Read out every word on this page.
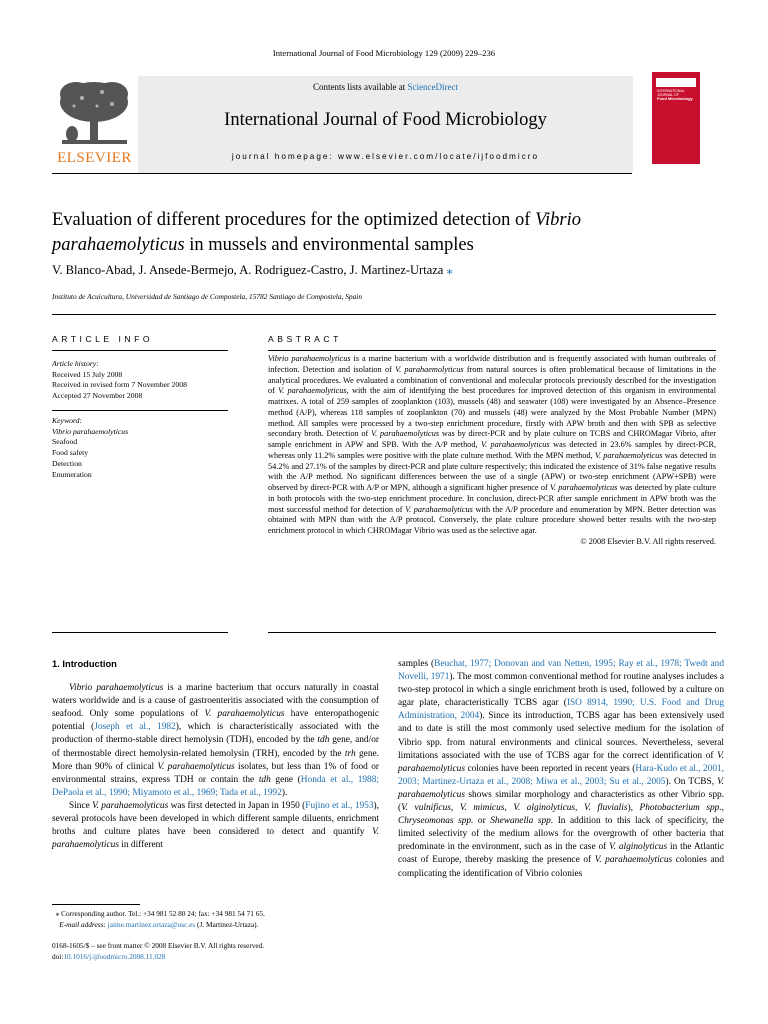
International Journal of Food Microbiology 129 (2009) 229–236
ELSEVIER
Contents lists available at ScienceDirect
International Journal of Food Microbiology
journal homepage: www.elsevier.com/locate/ijfoodmicro
INTERNATIONAL JOURNAL OF
Food Microbiology
Evaluation of different procedures for the optimized detection of Vibrio
parahaemolyticus in mussels and environmental samples
V. Blanco-Abad, J. Ansede-Bermejo, A. Rodriguez-Castro, J. Martinez-Urtaza ⁎
Instituto de Acuicultura, Universidad de Santiago de Compostela, 15782 Santiago de Compostela, Spain
ARTICLE INFO	ABSTRACT
Article history:
Received 15 July 2008
Received in revised form 7 November 2008
Accepted 27 November 2008
Keyword:
Vibrio parahaemolyticus
Seafood
Food safety
Detection
Enumeration
Vibrio parahaemolyticus is a marine bacterium with a worldwide distribution and is frequently associated with human outbreaks of infection. Detection and isolation of V. parahaemolyticus from natural sources is often problematical because of limitations in the analytical procedures. We evaluated a combination of conventional and molecular protocols previously described for the investigation of V. parahaemolyticus, with the aim of identifying the best procedures for improved detection of this organism in environmental matrixes. A total of 259 samples of zooplankton (103), mussels (48) and seawater (108) were investigated by an Absence–Presence method (A/P), whereas 118 samples of zooplankton (70) and mussels (48) were analyzed by the Most Probable Number (MPN) method. All samples were processed by a two-step enrichment procedure, firstly with APW broth and then with SPB as selective secondary broth. Detection of V. parahaemolyticus was by direct-PCR and by plate culture on TCBS and CHROMagar Vibrio, after sample enrichment in APW and SPB. With the A/P method, V. parahaemolyticus was detected in 23.6% samples by direct-PCR, whereas only 11.2% samples were positive with the plate culture method. With the MPN method, V. parahaemolyticus was detected in 54.2% and 27.1% of the samples by direct-PCR and plate culture respectively; this indicated the existence of 31% false negative results with the A/P method. No significant differences between the use of a single (APW) or two-step enrichment (APW+SPB) were observed by direct-PCR with A/P or MPN, although a significant higher presence of V. parahaemolyticus was detected by plate culture in both protocols with the two-step enrichment procedure. In conclusion, direct-PCR after sample enrichment in APW broth was the most successful method for detection of V. parahaemolyticus with the A/P procedure and enumeration by MPN. Better detection was obtained with MPN than with the A/P protocol. Conversely, the plate culture procedure showed better results with the two-step enrichment protocol in which CHROMagar Vibrio was used as the selective agar.
© 2008 Elsevier B.V. All rights reserved.
1. Introduction

Vibrio parahaemolyticus is a marine bacterium that occurs naturally in coastal waters worldwide and is a cause of gastroenteritis associated with the consumption of seafood. Only some populations of V. parahaemolyticus have enteropathogenic potential (Joseph et al., 1982), which is characteristically associated with the production of thermo-stable direct hemolysin (TDH), encoded by the tdh gene, and/or of thermostable direct hemolysin-related hemolysin (TRH), encoded by the trh gene. More than 90% of clinical V. parahaemolyticus isolates, but less than 1% of food or environmental strains, express TDH or contain the tdh gene (Honda et al., 1988; DePaola et al., 1990; Miyamoto et al., 1969; Tada et al., 1992).

Since V. parahaemolyticus was first detected in Japan in 1950 (Fujino et al., 1953), several protocols have been developed in which different sample diluents, enrichment broths and culture plates have been considered to detect and quantify V. parahaemolyticus in different

samples (Beuchat, 1977; Donovan and van Netten, 1995; Ray et al., 1978; Twedt and Novelli, 1971). The most common conventional method for routine analyses includes a two-step protocol in which a single enrichment broth is used, followed by a culture on agar plate, characteristically TCBS agar (ISO 8914, 1990; U.S. Food and Drug Administration, 2004). Since its introduction, TCBS agar has been extensively used and to date is still the most commonly used selective medium for the isolation of Vibrio spp. from natural environments and clinical sources. Nevertheless, several limitations associated with the use of TCBS agar for the correct identification of V. parahaemolyticus colonies have been reported in recent years (Hara-Kudo et al., 2001, 2003; Martinez-Urtaza et al., 2008; Miwa et al., 2003; Su et al., 2005). On TCBS, V. parahaemolyticus shows similar morphology and characteristics as other Vibrio spp. (V. vulnificus, V. mimicus, V. alginolyticus, V. fluvialis), Photobacterium spp., Chryseomonas spp. or Shewanella spp. In addition to this lack of specificity, the limited selectivity of the medium allows for the overgrowth of other bacteria that predominate in the environment, such as in the case of V. alginolyticus in the Atlantic coast of Europe, thereby masking the presence of V. parahaemolyticus colonies and complicating the identification of Vibrio colonies

⁎ Corresponding author. Tel.: +34 981 52 80 24; fax: +34 981 54 71 65.
E-mail address: jaime.martinez.urtaza@usc.es (J. Martinez-Urtaza).
0168-1605/$ – see front matter © 2008 Elsevier B.V. All rights reserved.
doi:10.1016/j.ijfoodmicro.2008.11.028
